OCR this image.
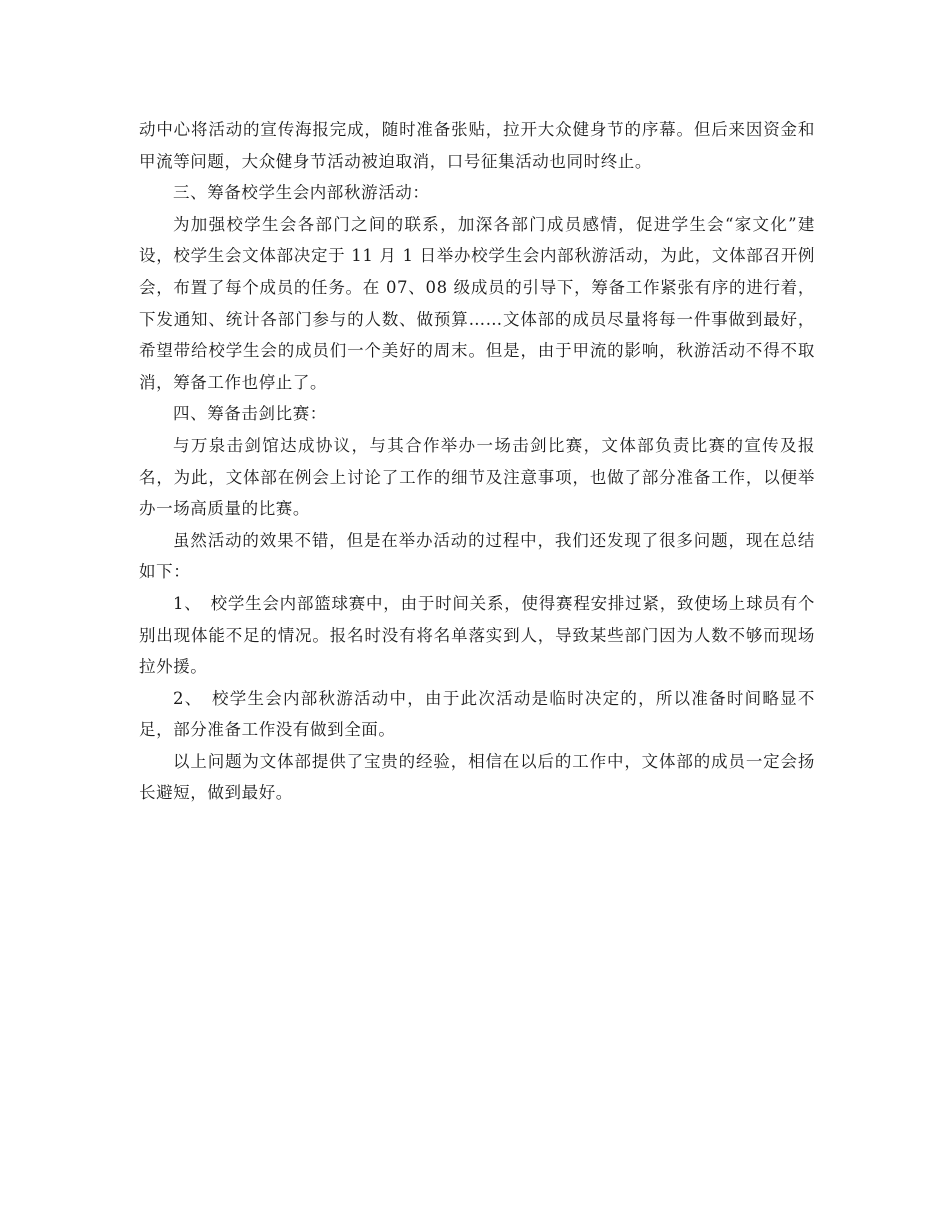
动中心将活动的宣传海报完成，随时准备张贴，拉开大众健身节的序幕。但后来因资金和甲流等问题，大众健身节活动被迫取消，口号征集活动也同时终止。

三、筹备校学生会内部秋游活动：

为加强校学生会各部门之间的联系，加深各部门成员感情，促进学生会“家文化”建设，校学生会文体部决定于 11 月 1 日举办校学生会内部秋游活动，为此，文体部召开例会，布置了每个成员的任务。在 07、08 级成员的引导下，筹备工作紧张有序的进行着，下发通知、统计各部门参与的人数、做预算……文体部的成员尽量将每一件事做到最好，希望带给校学生会的成员们一个美好的周末。但是，由于甲流的影响，秋游活动不得不取消，筹备工作也停止了。

四、筹备击剑比赛：

与万泉击剑馆达成协议，与其合作举办一场击剑比赛，文体部负责比赛的宣传及报名，为此，文体部在例会上讨论了工作的细节及注意事项，也做了部分准备工作，以便举办一场高质量的比赛。

虽然活动的效果不错，但是在举办活动的过程中，我们还发现了很多问题，现在总结如下：

1、　校学生会内部篮球赛中，由于时间关系，使得赛程安排过紧，致使场上球员有个别出现体能不足的情况。报名时没有将名单落实到人，导致某些部门因为人数不够而现场拉外援。

2、　校学生会内部秋游活动中，由于此次活动是临时决定的，所以准备时间略显不足，部分准备工作没有做到全面。

以上问题为文体部提供了宝贵的经验，相信在以后的工作中，文体部的成员一定会扬长避短，做到最好。
